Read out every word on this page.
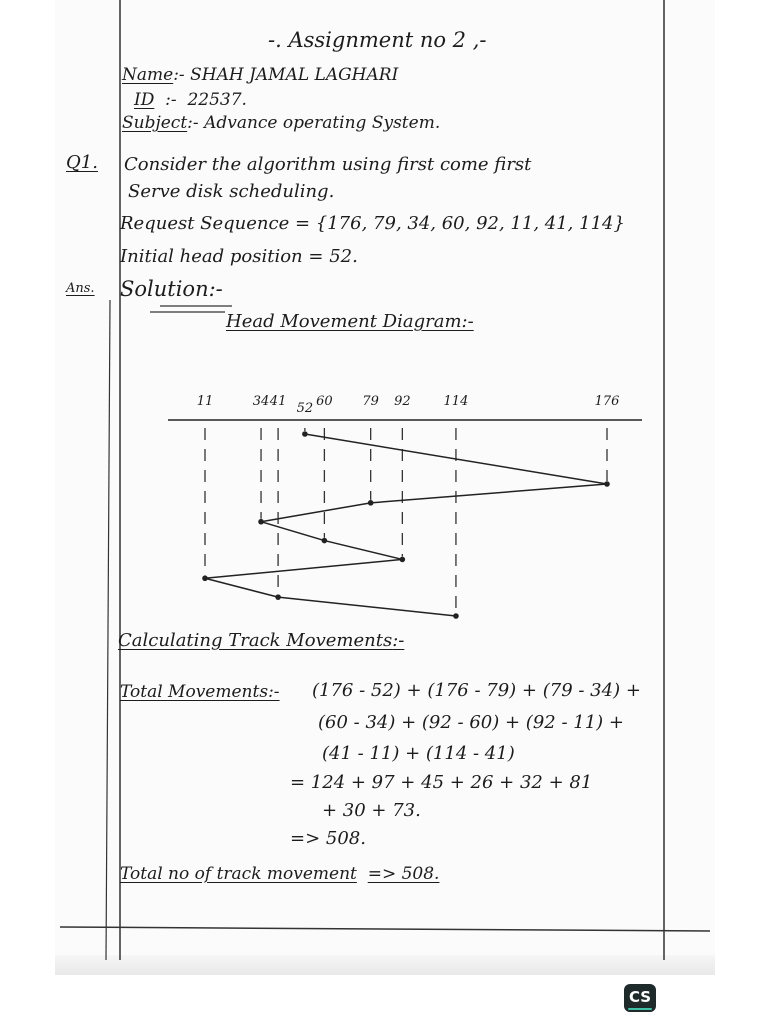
-. Assignment no 2 ,-
Name:- SHAH JAMAL LAGHARI
ID  :-  22537.
Subject:- Advance operating System.
Q1. Consider the algorithm using first come first
Serve disk scheduling.
Request Sequence = {176, 79, 34, 60, 92, 11, 41, 114}
Initial head position = 52.
Ans. Solution:-
Head Movement Diagram:-
11	34 41 52 60 79 92	114	176
Calculating Track Movements:-
Total Movements:- (176 - 52) + (176 - 79) + (79 - 34) +
(60 - 34) + (92 - 60) + (92 - 11) +
(41 - 11) + (114 - 41)
= 124 + 97 + 45 + 26 + 32 + 81
+ 30 + 73.
=> 508.
Total no of track movement => 508.
CS
